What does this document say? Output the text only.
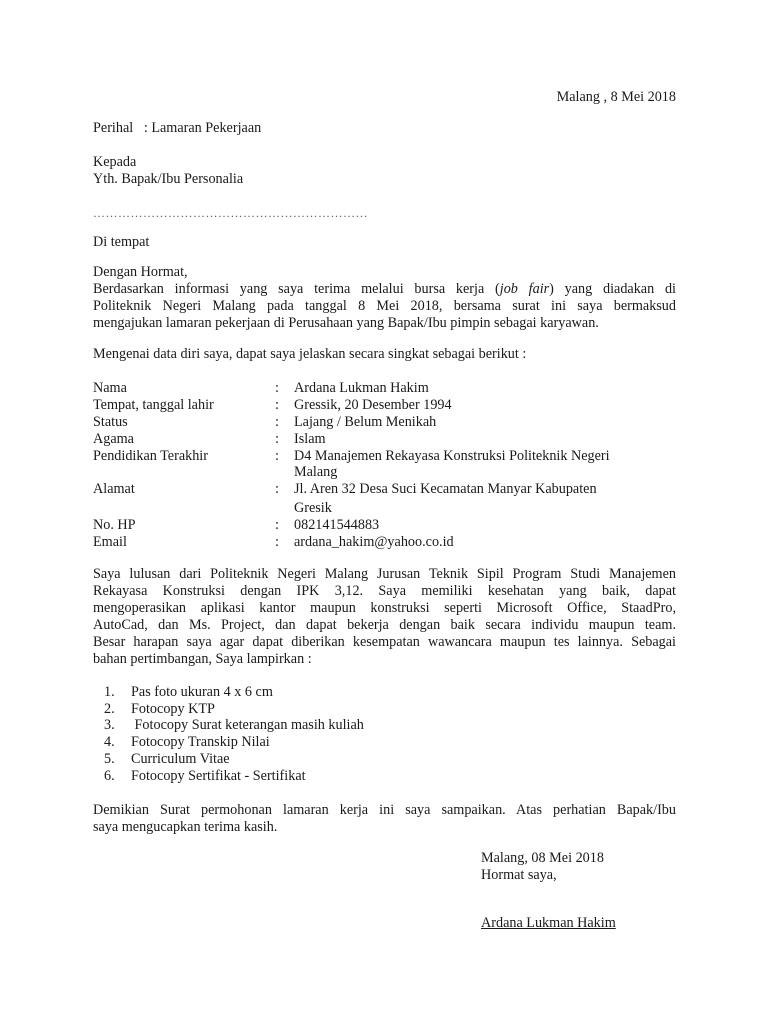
Malang , 8 Mei 2018
Perihal : Lamaran Pekerjaan
Kepada
Yth. Bapak/Ibu Personalia
…………………………………………………………
Di tempat
Dengan Hormat,
Berdasarkan informasi yang saya terima melalui bursa kerja (job fair) yang diadakan di
Politeknik Negeri Malang pada tanggal 8 Mei 2018, bersama surat ini saya bermaksud
mengajukan lamaran pekerjaan di Perusahaan yang Bapak/Ibu pimpin sebagai karyawan.
Mengenai data diri saya, dapat saya jelaskan secara singkat sebagai berikut :
Nama	: Ardana Lukman Hakim
Tempat, tanggal lahir	: Gressik, 20 Desember 1994
Status	: Lajang / Belum Menikah
Agama	: Islam
Pendidikan Terakhir	: D4 Manajemen Rekayasa Konstruksi Politeknik Negeri
Malang
Alamat	: Jl. Aren 32 Desa Suci Kecamatan Manyar Kabupaten
Gresik
No. HP	: 082141544883
Email	: ardana_hakim@yahoo.co.id
Saya lulusan dari Politeknik Negeri Malang Jurusan Teknik Sipil Program Studi Manajemen
Rekayasa Konstruksi dengan IPK 3,12. Saya memiliki kesehatan yang baik, dapat
mengoperasikan aplikasi kantor maupun konstruksi seperti Microsoft Office, StaadPro,
AutoCad, dan Ms. Project, dan dapat bekerja dengan baik secara individu maupun team.
Besar harapan saya agar dapat diberikan kesempatan wawancara maupun tes lainnya. Sebagai
bahan pertimbangan, Saya lampirkan :
1. Pas foto ukuran 4 x 6 cm
2. Fotocopy KTP
3. Fotocopy Surat keterangan masih kuliah
4. Fotocopy Transkip Nilai
5. Curriculum Vitae
6. Fotocopy Sertifikat - Sertifikat
Demikian Surat permohonan lamaran kerja ini saya sampaikan. Atas perhatian Bapak/Ibu
saya mengucapkan terima kasih.
Malang, 08 Mei 2018
Hormat saya,
Ardana Lukman Hakim
